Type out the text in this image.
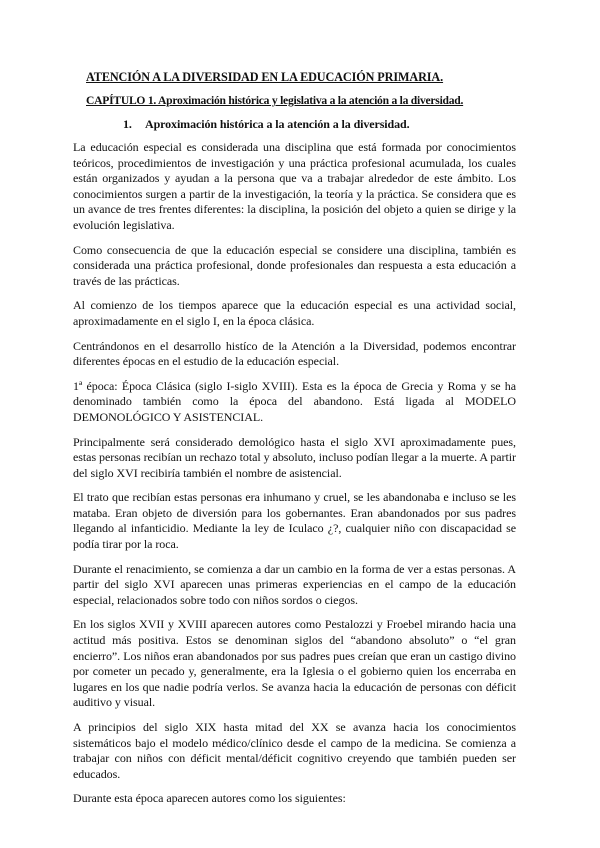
ATENCIÓN A LA DIVERSIDAD EN LA EDUCACIÓN PRIMARIA.
CAPÍTULO 1. Aproximación histórica y legislativa a la atención a la diversidad.
1. Aproximación histórica a la atención a la diversidad.

La educación especial es considerada una disciplina que está formada por conocimientos teóricos, procedimientos de investigación y una práctica profesional acumulada, los cuales están organizados y ayudan a la persona que va a trabajar alrededor de este ámbito. Los conocimientos surgen a partir de la investigación, la teoría y la práctica. Se considera que es un avance de tres frentes diferentes: la disciplina, la posición del objeto a quien se dirige y la evolución legislativa.

Como consecuencia de que la educación especial se considere una disciplina, también es considerada una práctica profesional, donde profesionales dan respuesta a esta educación a través de las prácticas.

Al comienzo de los tiempos aparece que la educación especial es una actividad social, aproximadamente en el siglo I, en la época clásica.

Centrándonos en el desarrollo histíco de la Atención a la Diversidad, podemos encontrar diferentes épocas en el estudio de la educación especial.

1ª época: Época Clásica (siglo I-siglo XVIII). Esta es la época de Grecia y Roma y se ha denominado también como la época del abandono. Está ligada al MODELO DEMONOLÓGICO Y ASISTENCIAL.

Principalmente será considerado demológico hasta el siglo XVI aproximadamente pues, estas personas recibían un rechazo total y absoluto, incluso podían llegar a la muerte. A partir del siglo XVI recibiría también el nombre de asistencial.

El trato que recibían estas personas era inhumano y cruel, se les abandonaba e incluso se les mataba. Eran objeto de diversión para los gobernantes. Eran abandonados por sus padres llegando al infanticidio. Mediante la ley de Iculaco ¿?, cualquier niño con discapacidad se podía tirar por la roca.

Durante el renacimiento, se comienza a dar un cambio en la forma de ver a estas personas. A partir del siglo XVI aparecen unas primeras experiencias en el campo de la educación especial, relacionados sobre todo con niños sordos o ciegos.

En los siglos XVII y XVIII aparecen autores como Pestalozzi y Froebel mirando hacia una actitud más positiva. Estos se denominan siglos del “abandono absoluto” o “el gran encierro”. Los niños eran abandonados por sus padres pues creían que eran un castigo divino por cometer un pecado y, generalmente, era la Iglesia o el gobierno quien los encerraba en lugares en los que nadie podría verlos. Se avanza hacia la educación de personas con déficit auditivo y visual.

A principios del siglo XIX hasta mitad del XX se avanza hacia los conocimientos sistemáticos bajo el modelo médico/clínico desde el campo de la medicina. Se comienza a trabajar con niños con déficit mental/déficit cognitivo creyendo que también pueden ser educados.

Durante esta época aparecen autores como los siguientes:
